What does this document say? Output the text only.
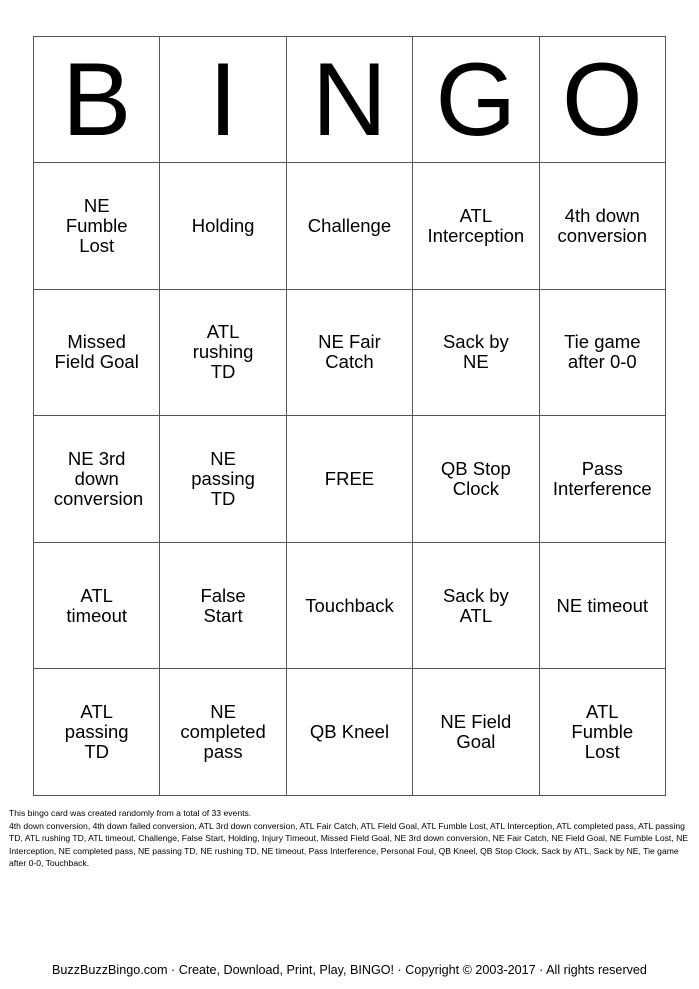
B	I	N	G	O

NE Fumble Lost	Holding	Challenge	ATL Interception	4th down conversion

Missed Field Goal	ATL rushing TD	NE Fair Catch	Sack by NE	Tie game after 0-0

NE 3rd down conversion	NE passing TD	FREE	QB Stop Clock	Pass Interference

ATL timeout	False Start	Touchback	Sack by ATL	NE timeout

ATL passing TD	NE completed pass	QB Kneel	NE Field Goal	ATL Fumble Lost

This bingo card was created randomly from a total of 33 events.

4th down conversion, 4th down failed conversion, ATL 3rd down conversion, ATL Fair Catch, ATL Field Goal, ATL Fumble Lost, ATL Interception, ATL completed pass, ATL passing TD, ATL rushing TD, ATL timeout, Challenge, False Start, Holding, Injury Timeout, Missed Field Goal, NE 3rd down conversion, NE Fair Catch, NE Field Goal, NE Fumble Lost, NE Interception, NE completed pass, NE passing TD, NE rushing TD, NE timeout, Pass Interference, Personal Foul, QB Kneel, QB Stop Clock, Sack by ATL, Sack by NE, Tie game after 0-0, Touchback.

BuzzBuzzBingo.com · Create, Download, Print, Play, BINGO! · Copyright © 2003-2017 · All rights reserved
